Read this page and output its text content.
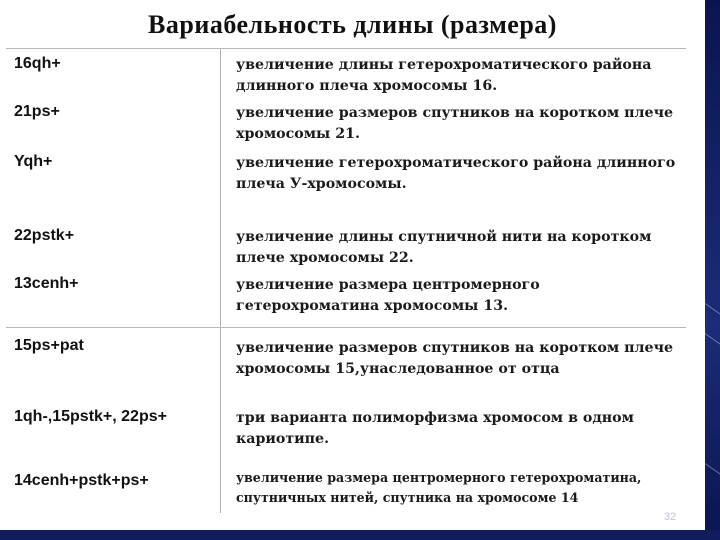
Вариабельность длины (размера)
16qh+	увеличение длины гетерохроматического района длинного плеча хромосомы 16.
21ps+	увеличение размеров спутников на коротком плече хромосомы 21.
Yqh+	увеличение гетерохроматического района длинного плеча У-хромосомы.
22pstk+	увеличение длины спутничной нити на коротком плече хромосомы 22.
13cenh+	увеличение размера центромерного гетерохроматина хромосомы 13.
15ps+pat	увеличение размеров спутников на коротком плече хромосомы 15,унаследованное от отца
1qh-,15pstk+, 22ps+	три варианта полиморфизма хромосом в одном кариотипе.
14cenh+pstk+ps+	увеличение размера центромерного гетерохроматина, спутничных нитей, спутника на хромосоме 14
32
